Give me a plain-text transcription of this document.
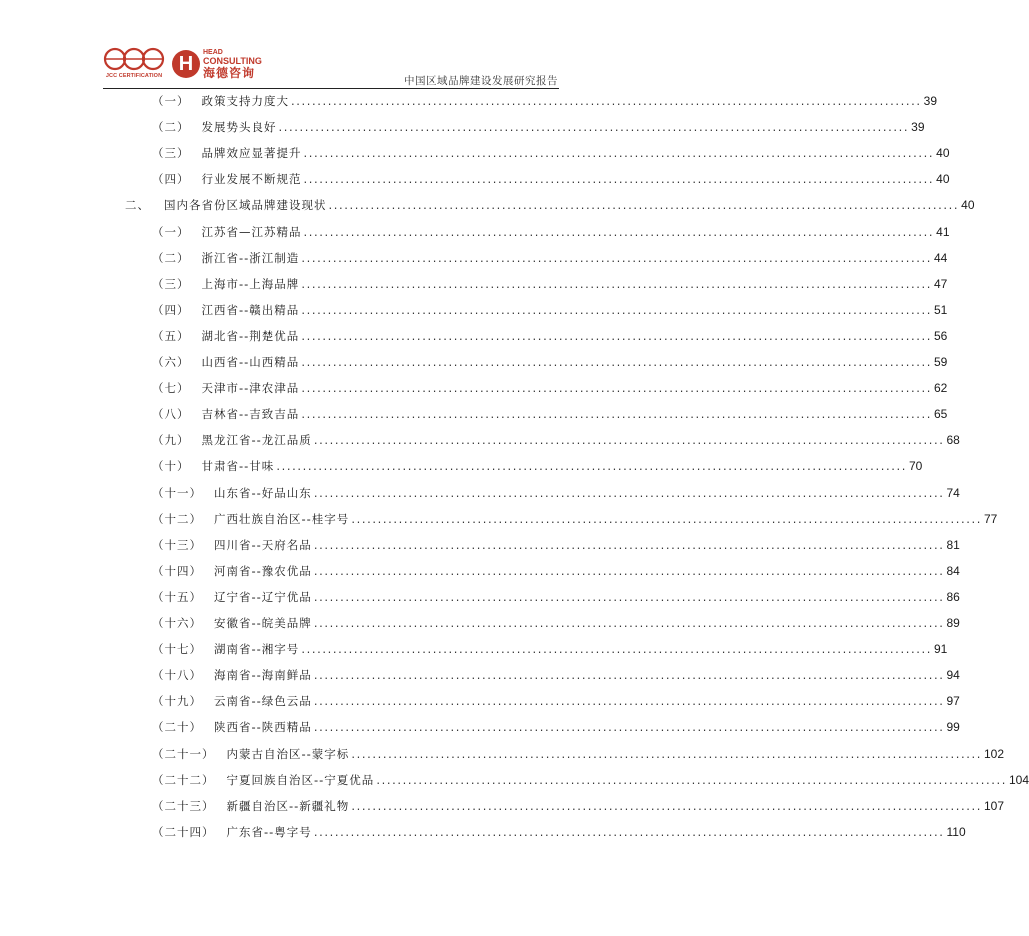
JCC CERTIFICATION
H
HEAD
CONSULTING
海德咨询
中国区域品牌建设发展研究报告
（一） 政策支持力度大 ........................................................................................................................ 39
（二） 发展势头良好 ........................................................................................................................ 39
（三） 品牌效应显著提升 ........................................................................................................................ 40
（四） 行业发展不断规范 ........................................................................................................................ 40
二、 国内各省份区域品牌建设现状 ........................................................................................................................ 40
（一） 江苏省—江苏精品 ........................................................................................................................ 41
（二） 浙江省--浙江制造 ........................................................................................................................ 44
（三） 上海市--上海品牌 ........................................................................................................................ 47
（四） 江西省--赣出精品 ........................................................................................................................ 51
（五） 湖北省--荆楚优品 ........................................................................................................................ 56
（六） 山西省--山西精品 ........................................................................................................................ 59
（七） 天津市--津农津品 ........................................................................................................................ 62
（八） 吉林省--吉致吉品 ........................................................................................................................ 65
（九） 黑龙江省--龙江品质 ........................................................................................................................ 68
（十） 甘肃省--甘味 ........................................................................................................................ 70
（十一） 山东省--好品山东 ........................................................................................................................ 74
（十二） 广西壮族自治区--桂字号 ........................................................................................................................ 77
（十三） 四川省--天府名品 ........................................................................................................................ 81
（十四） 河南省--豫农优品 ........................................................................................................................ 84
（十五） 辽宁省--辽宁优品 ........................................................................................................................ 86
（十六） 安徽省--皖美品牌 ........................................................................................................................ 89
（十七） 湖南省--湘字号 ........................................................................................................................ 91
（十八） 海南省--海南鲜品 ........................................................................................................................ 94
（十九） 云南省--绿色云品 ........................................................................................................................ 97
（二十） 陕西省--陕西精品 ........................................................................................................................ 99
（二十一） 内蒙古自治区--蒙字标 ........................................................................................................................ 102
（二十二） 宁夏回族自治区--宁夏优品 ........................................................................................................................ 104
（二十三） 新疆自治区--新疆礼物 ........................................................................................................................ 107
（二十四） 广东省--粤字号 ........................................................................................................................ 110
